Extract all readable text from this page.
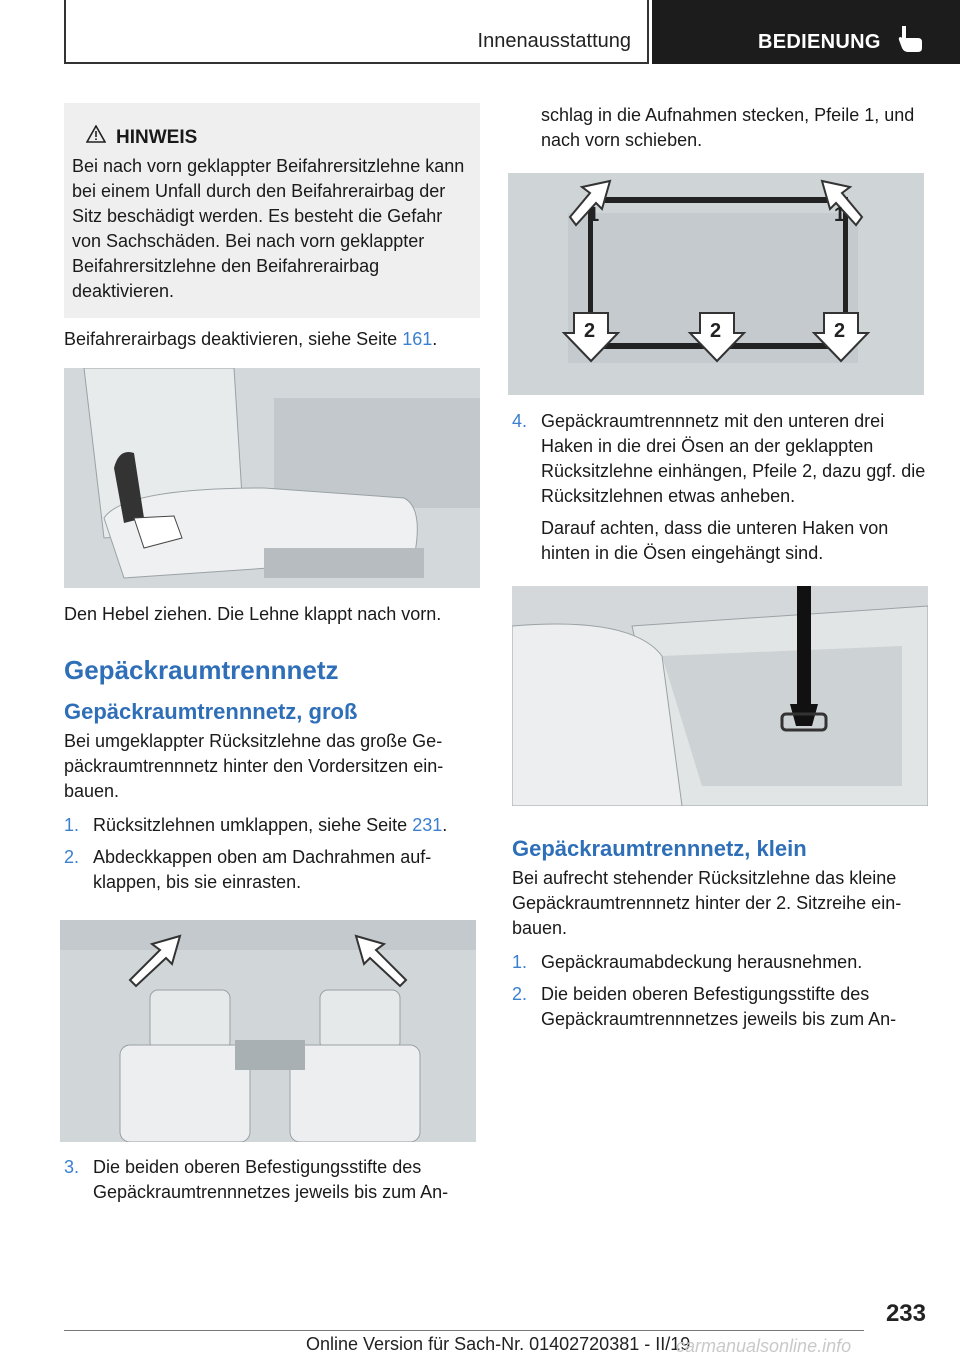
Innenausstattung	BEDIENUNG
HINWEIS

Bei nach vorn geklappter Beifahrersitzlehne kann bei einem Unfall durch den Beifahrerairbag der Sitz beschädigt werden. Es besteht die Gefahr von Sachschäden. Bei nach vorn geklappter Beifahrersitzlehne den Beifahrerairbag deaktivieren.

Beifahrerairbags deaktivieren, siehe Seite 161.

Den Hebel ziehen. Die Lehne klappt nach vorn.

Gepäckraumtrennnetz
Gepäckraumtrennnetz, groß

Bei umgeklappter Rücksitzlehne das große Gepäckraumtrennnetz hinter den Vordersitzen einbauen.

1. Rücksitzlehnen umklappen, siehe Seite 231.
2. Abdeckkappen oben am Dachrahmen aufklappen, bis sie einrasten.
3. Die beiden oberen Befestigungsstifte des Gepäckraumtrennnetzes jeweils bis zum An-

schlag in die Aufnahmen stecken, Pfeile 1, und nach vorn schieben.

1	1
2	2	2
4. Gepäckraumtrennnetz mit den unteren drei Haken in die drei Ösen an der geklappten Rücksitzlehne einhängen, Pfeile 2, dazu ggf. die Rücksitzlehnen etwas anheben.

Darauf achten, dass die unteren Haken von hinten in die Ösen eingehängt sind.

Gepäckraumtrennnetz, klein

Bei aufrecht stehender Rücksitzlehne das kleine Gepäckraumtrennnetz hinter der 2. Sitzreihe einbauen.

1. Gepäckraumabdeckung herausnehmen.
2. Die beiden oberen Befestigungsstifte des Gepäckraumtrennnetzes jeweils bis zum An-
233
Online Version für Sach-Nr. 01402720381 - II/19
carmanualsonline.info
